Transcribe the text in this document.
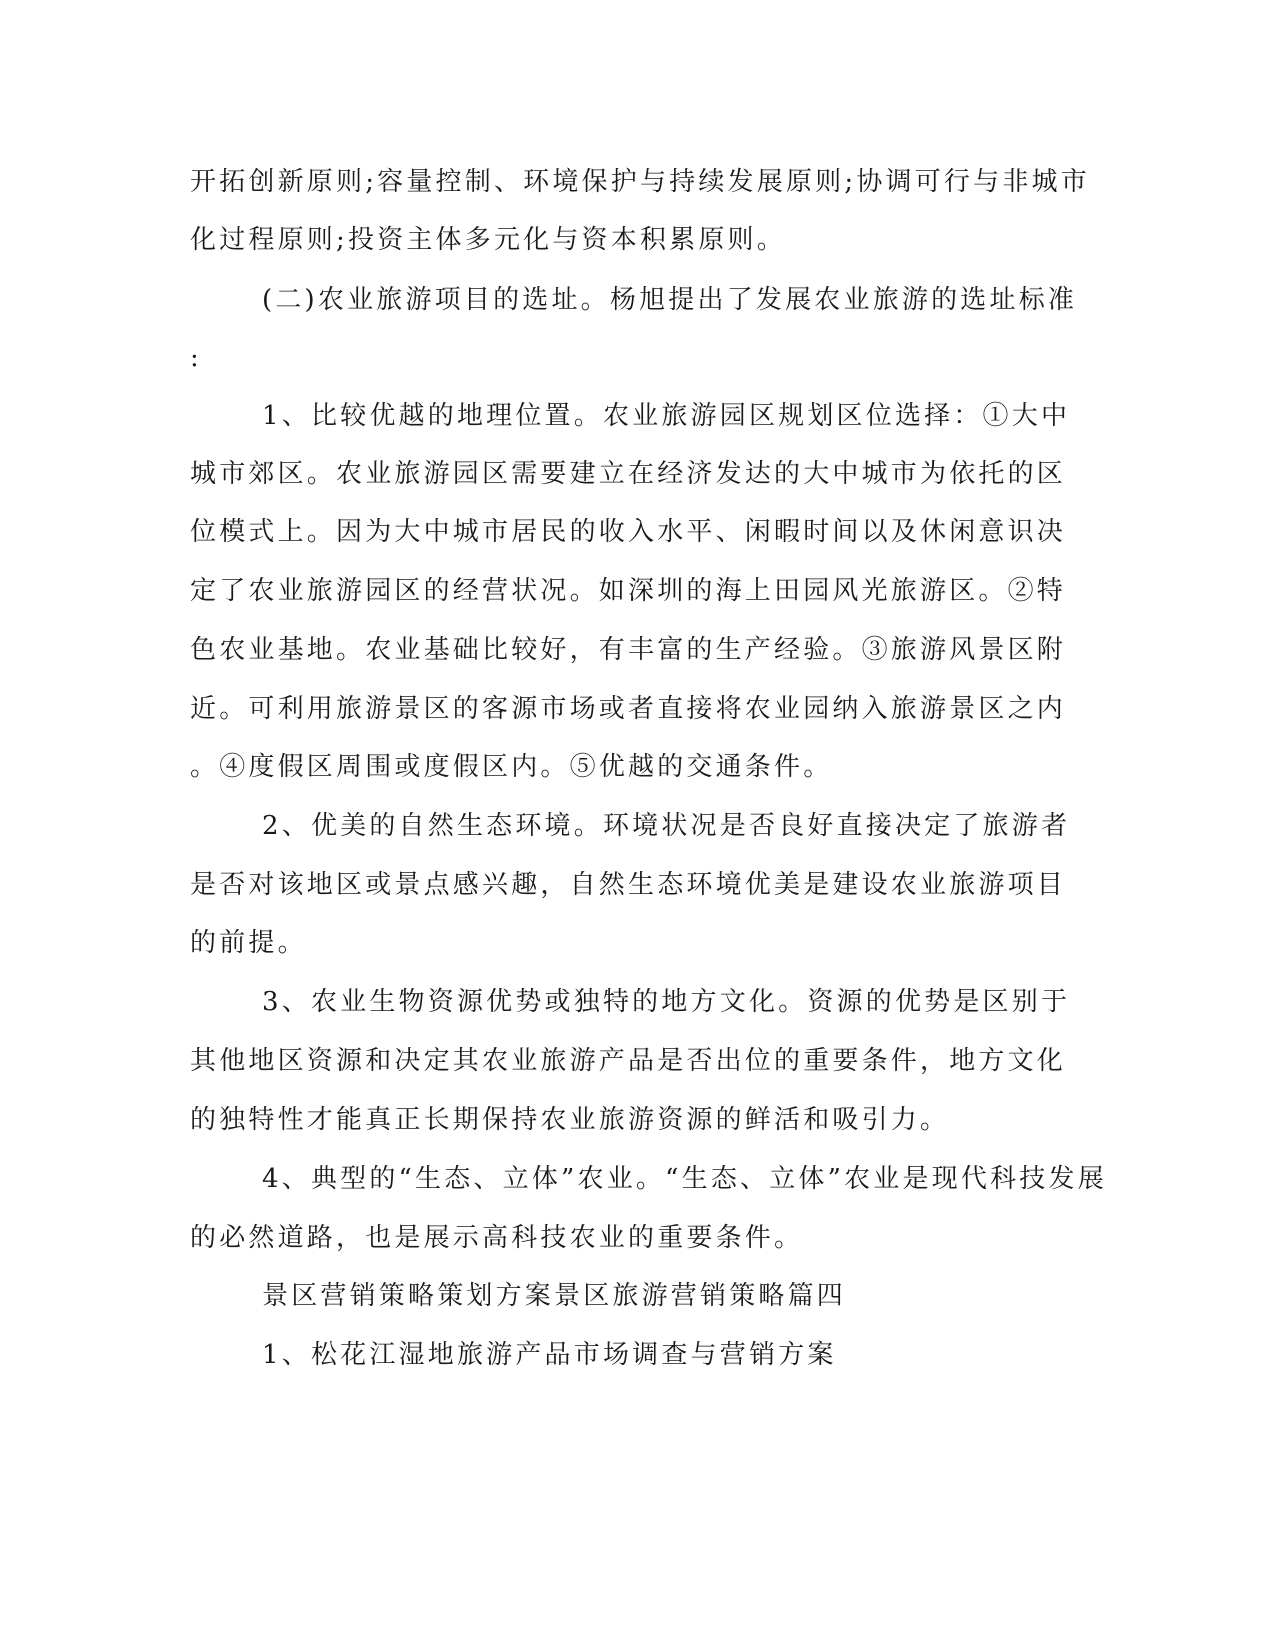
开拓创新原则;容量控制、环境保护与持续发展原则;协调可行与非城市
化过程原则;投资主体多元化与资本积累原则。
(二)农业旅游项目的选址。杨旭提出了发展农业旅游的选址标准
:
1、比较优越的地理位置。农业旅游园区规划区位选择：①大中
城市郊区。农业旅游园区需要建立在经济发达的大中城市为依托的区
位模式上。因为大中城市居民的收入水平、闲暇时间以及休闲意识决
定了农业旅游园区的经营状况。如深圳的海上田园风光旅游区。②特
色农业基地。农业基础比较好，有丰富的生产经验。③旅游风景区附
近。可利用旅游景区的客源市场或者直接将农业园纳入旅游景区之内
。④度假区周围或度假区内。⑤优越的交通条件。
2、优美的自然生态环境。环境状况是否良好直接决定了旅游者
是否对该地区或景点感兴趣，自然生态环境优美是建设农业旅游项目
的前提。
3、农业生物资源优势或独特的地方文化。资源的优势是区别于
其他地区资源和决定其农业旅游产品是否出位的重要条件，地方文化
的独特性才能真正长期保持农业旅游资源的鲜活和吸引力。
4、典型的“生态、立体”农业。“生态、立体”农业是现代科技发展
的必然道路，也是展示高科技农业的重要条件。
景区营销策略策划方案景区旅游营销策略篇四
1、松花江湿地旅游产品市场调查与营销方案
